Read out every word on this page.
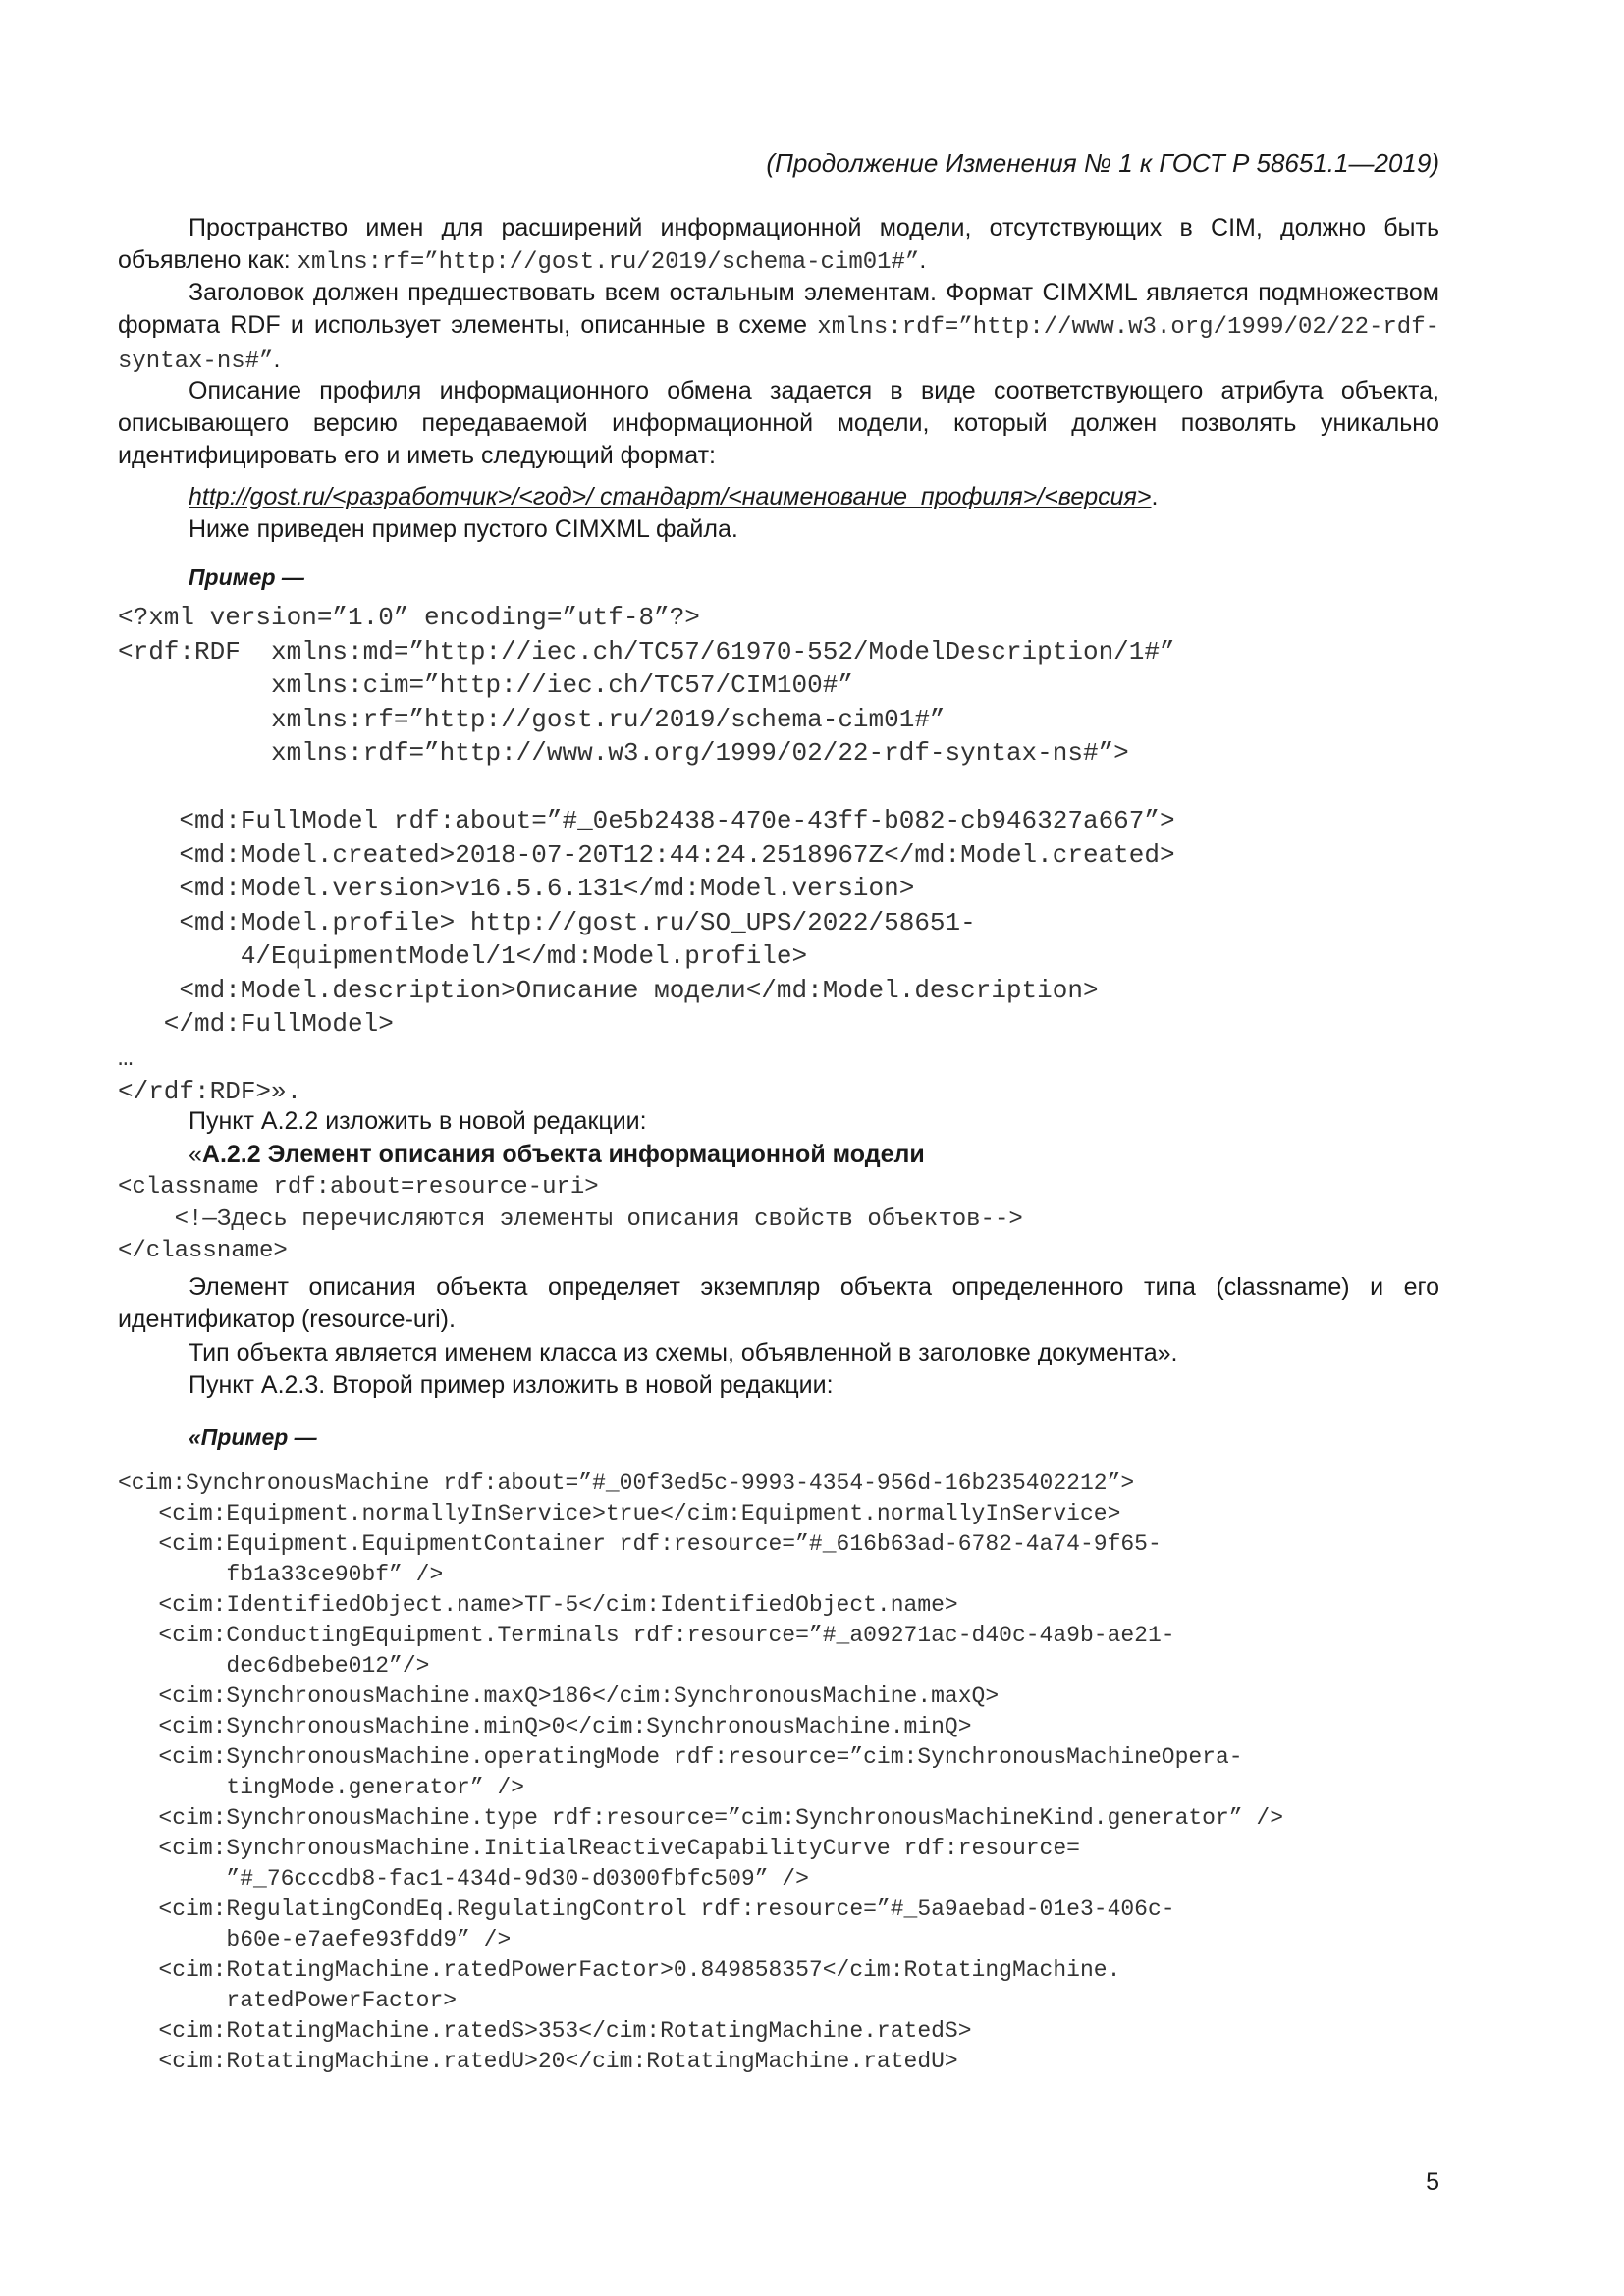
(Продолжение Изменения № 1 к ГОСТ Р 58651.1—2019)

Пространство имен для расширений информационной модели, отсутствующих в CIM, должно быть объявлено как: xmlns:rf=”http://gost.ru/2019/schema-cim01#”.

Заголовок должен предшествовать всем остальным элементам. Формат CIMXML является подмножеством формата RDF и использует элементы, описанные в схеме xmlns:rdf=”http://www.w3.org/1999/02/22-rdf-syntax-ns#”.

Описание профиля информационного обмена задается в виде соответствующего атрибута объекта, описывающего версию передаваемой информационной модели, который должен позволять уникально идентифицировать его и иметь следующий формат:

http://gost.ru/<разработчик>/<год>/ стандарт/<наименование_профиля>/<версия>.

Ниже приведен пример пустого CIMXML файла.

Пример —

<?xml version=”1.0” encoding=”utf-8”?>
<rdf:RDF  xmlns:md=”http://iec.ch/TC57/61970-552/ModelDescription/1#”
xmlns:cim=”http://iec.ch/TC57/CIM100#”
xmlns:rf=”http://gost.ru/2019/schema-cim01#”
xmlns:rdf=”http://www.w3.org/1999/02/22-rdf-syntax-ns#”>

<md:FullModel rdf:about=”#_0e5b2438-470e-43ff-b082-cb946327a667”>
<md:Model.created>2018-07-20T12:44:24.2518967Z</md:Model.created>
<md:Model.version>v16.5.6.131</md:Model.version>
<md:Model.profile> http://gost.ru/SO_UPS/2022/58651-
4/EquipmentModel/1</md:Model.profile>
<md:Model.description>Описание модели</md:Model.description>
</md:FullModel>
…
</rdf:RDF>».

Пункт А.2.2 изложить в новой редакции:

«А.2.2 Элемент описания объекта информационной модели

<classname rdf:about=resource-uri>
<!—Здесь перечисляются элементы описания свойств объектов-->
</classname>

Элемент описания объекта определяет экземпляр объекта определенного типа (classname) и его идентификатор (resource-uri).

Тип объекта является именем класса из схемы, объявленной в заголовке документа».

Пункт А.2.3. Второй пример изложить в новой редакции:

«Пример —

<cim:SynchronousMachine rdf:about=”#_00f3ed5c-9993-4354-956d-16b235402212”>
<cim:Equipment.normallyInService>true</cim:Equipment.normallyInService>
<cim:Equipment.EquipmentContainer rdf:resource=”#_616b63ad-6782-4a74-9f65-
fb1a33ce90bf” />
<cim:IdentifiedObject.name>ТГ-5</cim:IdentifiedObject.name>
<cim:ConductingEquipment.Terminals rdf:resource=”#_a09271ac-d40c-4a9b-ae21-
dec6dbebe012”/>
<cim:SynchronousMachine.maxQ>186</cim:SynchronousMachine.maxQ>
<cim:SynchronousMachine.minQ>0</cim:SynchronousMachine.minQ>
<cim:SynchronousMachine.operatingMode rdf:resource=”cim:SynchronousMachineOpera-
tingMode.generator” />
<cim:SynchronousMachine.type rdf:resource=”cim:SynchronousMachineKind.generator” />
<cim:SynchronousMachine.InitialReactiveCapabilityCurve rdf:resource=
”#_76cccdb8-fac1-434d-9d30-d0300fbfc509” />
<cim:RegulatingCondEq.RegulatingControl rdf:resource=”#_5a9aebad-01e3-406c-
b60e-e7aefe93fdd9” />
<cim:RotatingMachine.ratedPowerFactor>0.849858357</cim:RotatingMachine.
ratedPowerFactor>
<cim:RotatingMachine.ratedS>353</cim:RotatingMachine.ratedS>
<cim:RotatingMachine.ratedU>20</cim:RotatingMachine.ratedU>
5
